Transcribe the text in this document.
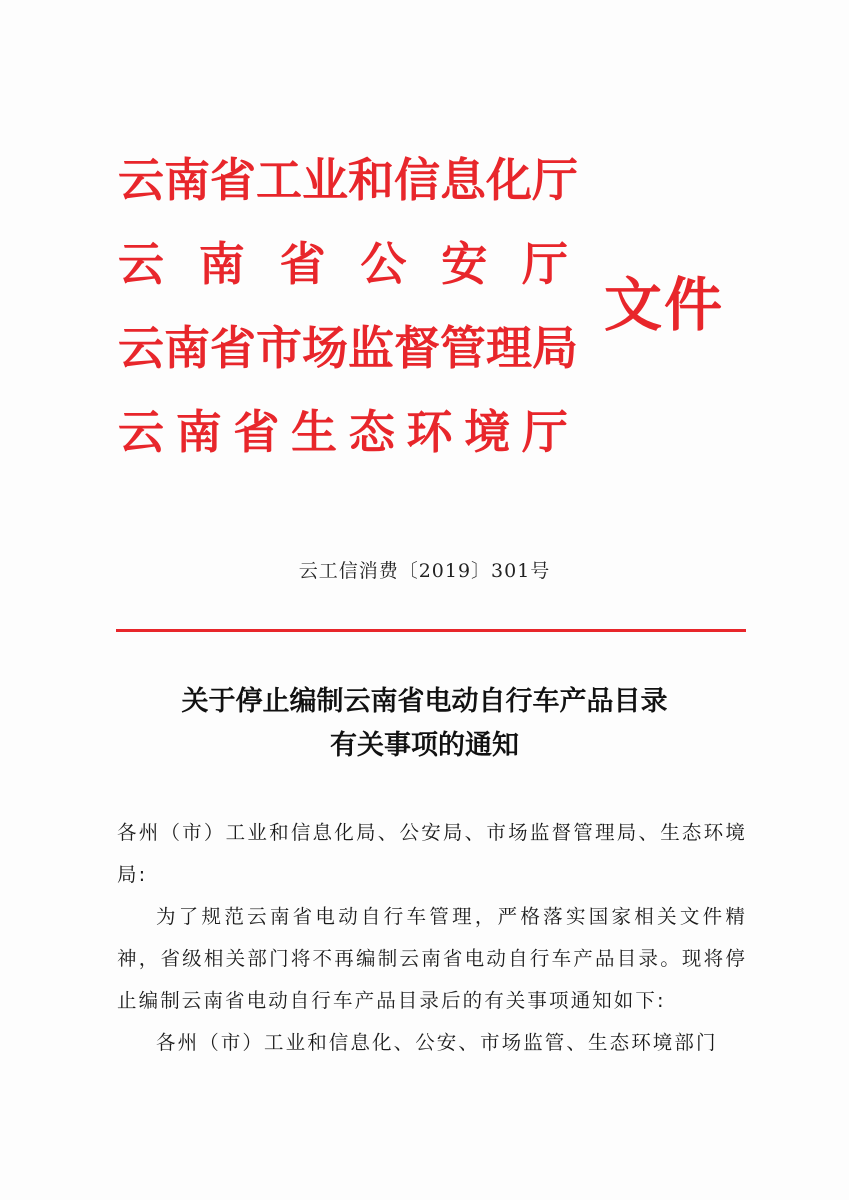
云 南 省 工 业 和 信 息 化 厅
云 南 省 公 安 厅
云 南 省 市 场 监 督 管 理 局
云 南 省 生 态 环 境 厅
文件
云工信消费〔2019〕301号
关于停止编制云南省电动自行车产品目录
有关事项的通知

各州（市）工业和信息化局、公安局、市场监督管理局、生态环境局:

为了规范云南省电动自行车管理，严格落实国家相关文件精神，省级相关部门将不再编制云南省电动自行车产品目录。现将停止编制云南省电动自行车产品目录后的有关事项通知如下:

各州（市）工业和信息化、公安、市场监管、生态环境部门
